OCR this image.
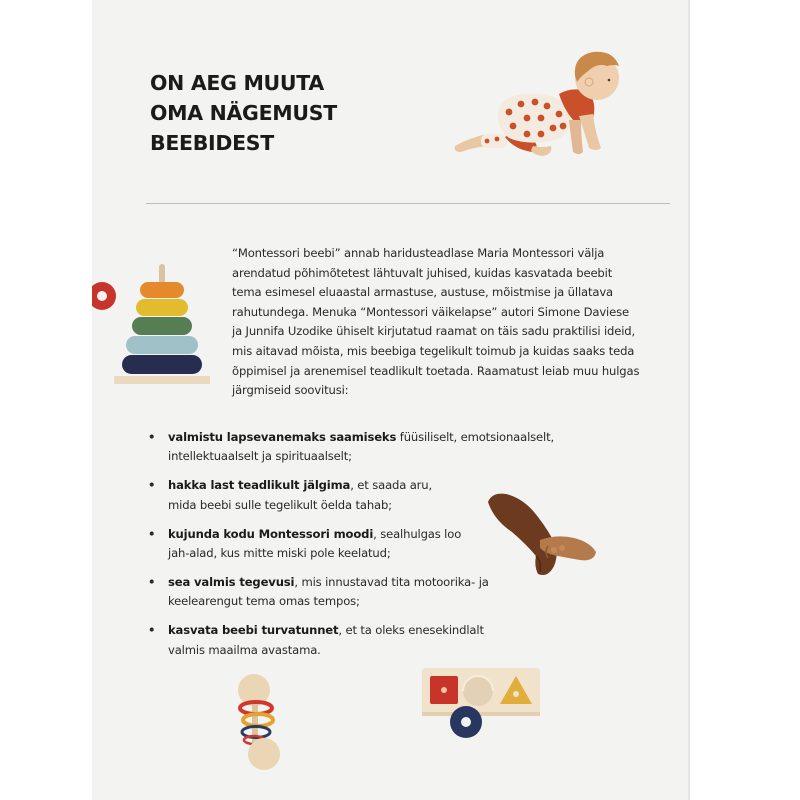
ON AEG MUUTA
OMA NÄGEMUST
BEEBIDEST
“Montessori beebi” annab haridusteadlase Maria Montessori välja
arendatud põhimõtetest lähtuvalt juhised, kuidas kasvatada beebit
tema esimesel eluaastal armastuse, austuse, mõistmise ja üllatava
rahutundega. Menuka “Montessori väikelapse” autori Simone Daviese
ja Junnifa Uzodike ühiselt kirjutatud raamat on täis sadu praktilisi ideid,
mis aitavad mõista, mis beebiga tegelikult toimub ja kuidas saaks teda
õppimisel ja arenemisel teadlikult toetada. Raamatust leiab muu hulgas
järgmiseid soovitusi:
• valmistu lapsevanemaks saamiseks füüsiliselt, emotsionaalselt,
intellektuaalselt ja spirituaalselt;
• hakka last teadlikult jälgima, et saada aru,
mida beebi sulle tegelikult öelda tahab;
• kujunda kodu Montessori moodi, sealhulgas loo
jah-alad, kus mitte miski pole keelatud;
• sea valmis tegevusi, mis innustavad tita motoorika- ja
keelearengut tema omas tempos;
• kasvata beebi turvatunnet, et ta oleks enesekindlalt
valmis maailma avastama.
